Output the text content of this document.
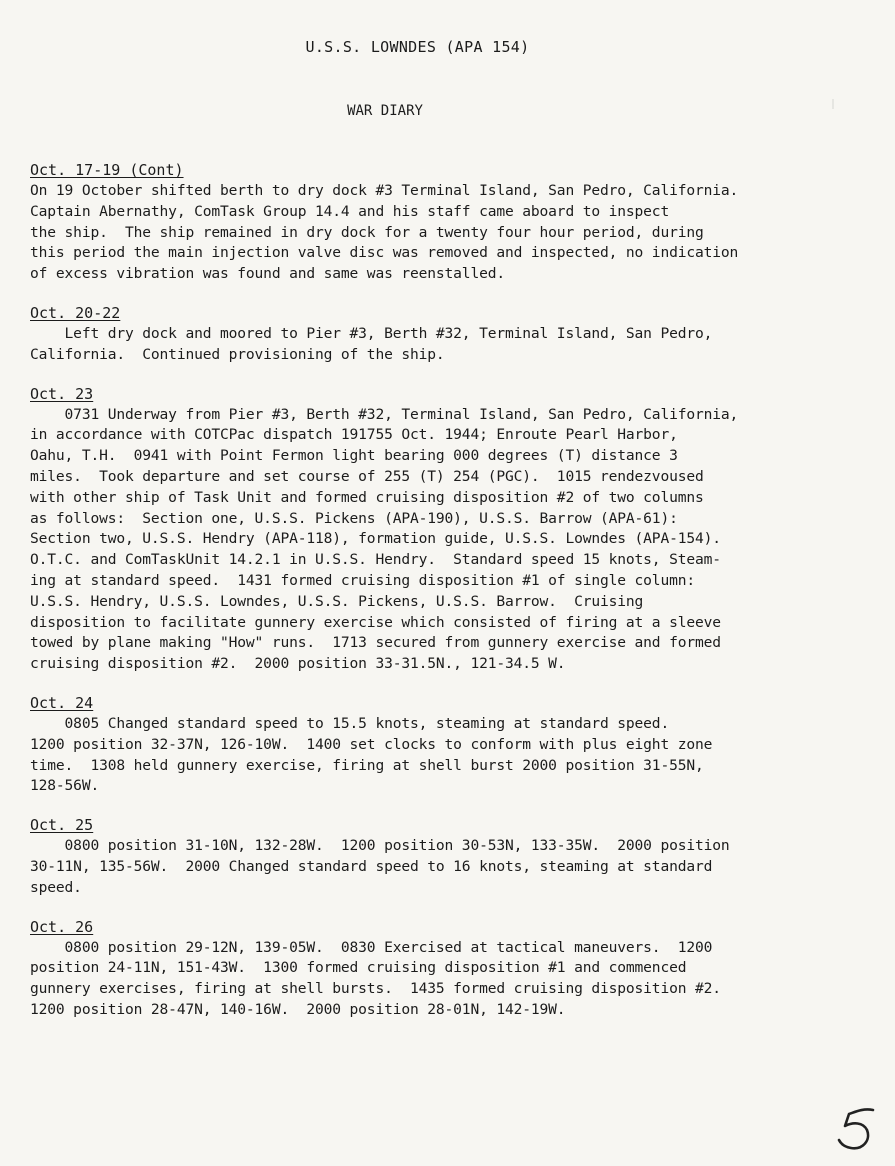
U.S.S. LOWNDES (APA 154)
WAR DIARY
Oct. 17-19 (Cont)
On 19 October shifted berth to dry dock #3 Terminal Island, San Pedro, California.
Captain Abernathy, ComTask Group 14.4 and his staff came aboard to inspect
the ship.  The ship remained in dry dock for a twenty four hour period, during
this period the main injection valve disc was removed and inspected, no indication
of excess vibration was found and same was reenstalled.
Oct. 20-22
Left dry dock and moored to Pier #3, Berth #32, Terminal Island, San Pedro,
California.  Continued provisioning of the ship.
Oct. 23
0731 Underway from Pier #3, Berth #32, Terminal Island, San Pedro, California,
in accordance with COTCPac dispatch 191755 Oct. 1944; Enroute Pearl Harbor,
Oahu, T.H.  0941 with Point Fermon light bearing 000 degrees (T) distance 3
miles.  Took departure and set course of 255 (T) 254 (PGC).  1015 rendezvoused
with other ship of Task Unit and formed cruising disposition #2 of two columns
as follows:  Section one, U.S.S. Pickens (APA-190), U.S.S. Barrow (APA-61):
Section two, U.S.S. Hendry (APA-118), formation guide, U.S.S. Lowndes (APA-154).
O.T.C. and ComTaskUnit 14.2.1 in U.S.S. Hendry.  Standard speed 15 knots, Steam-
ing at standard speed.  1431 formed cruising disposition #1 of single column:
U.S.S. Hendry, U.S.S. Lowndes, U.S.S. Pickens, U.S.S. Barrow.  Cruising
disposition to facilitate gunnery exercise which consisted of firing at a sleeve
towed by plane making "How" runs.  1713 secured from gunnery exercise and formed
cruising disposition #2.  2000 position 33-31.5N., 121-34.5 W.
Oct. 24
0805 Changed standard speed to 15.5 knots, steaming at standard speed.
1200 position 32-37N, 126-10W.  1400 set clocks to conform with plus eight zone
time.  1308 held gunnery exercise, firing at shell burst 2000 position 31-55N,
128-56W.
Oct. 25
0800 position 31-10N, 132-28W.  1200 position 30-53N, 133-35W.  2000 position
30-11N, 135-56W.  2000 Changed standard speed to 16 knots, steaming at standard
speed.
Oct. 26
0800 position 29-12N, 139-05W.  0830 Exercised at tactical maneuvers.  1200
position 24-11N, 151-43W.  1300 formed cruising disposition #1 and commenced
gunnery exercises, firing at shell bursts.  1435 formed cruising disposition #2.
1200 position 28-47N, 140-16W.  2000 position 28-01N, 142-19W.
